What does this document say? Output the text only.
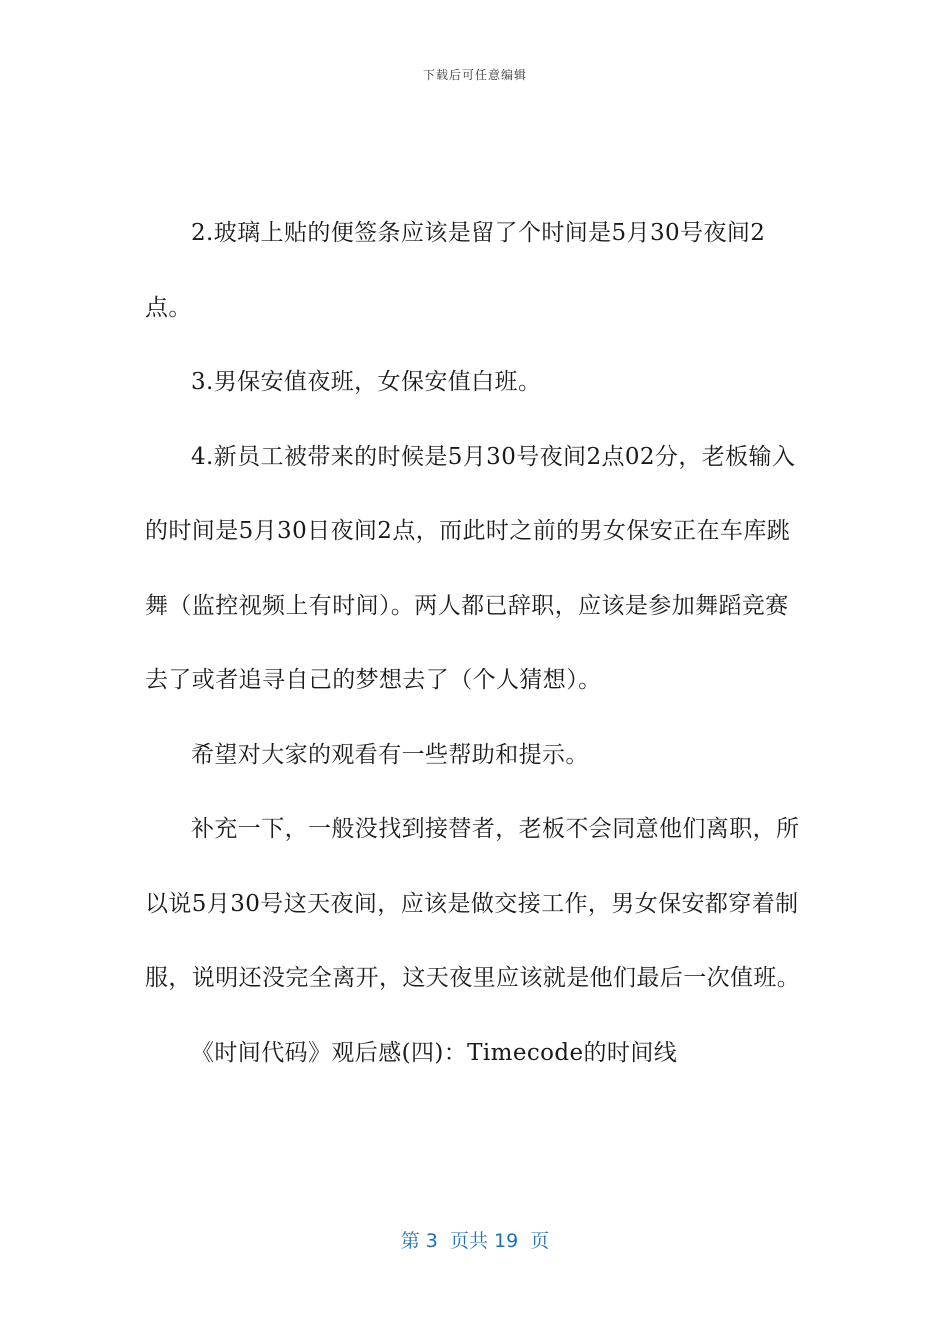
下载后可任意编辑

2.玻璃上贴的便签条应该是留了个时间是5月30号夜间2点。

3.男保安值夜班，女保安值白班。

4.新员工被带来的时候是5月30号夜间2点02分，老板输入的时间是5月30日夜间2点，而此时之前的男女保安正在车库跳舞（监控视频上有时间）。两人都已辞职，应该是参加舞蹈竞赛去了或者追寻自己的梦想去了（个人猜想）。

希望对大家的观看有一些帮助和提示。

补充一下，一般没找到接替者，老板不会同意他们离职，所以说5月30号这天夜间，应该是做交接工作，男女保安都穿着制服，说明还没完全离开，这天夜里应该就是他们最后一次值班。

《时间代码》观后感(四)：Timecode的时间线

第 3  页共 19  页
